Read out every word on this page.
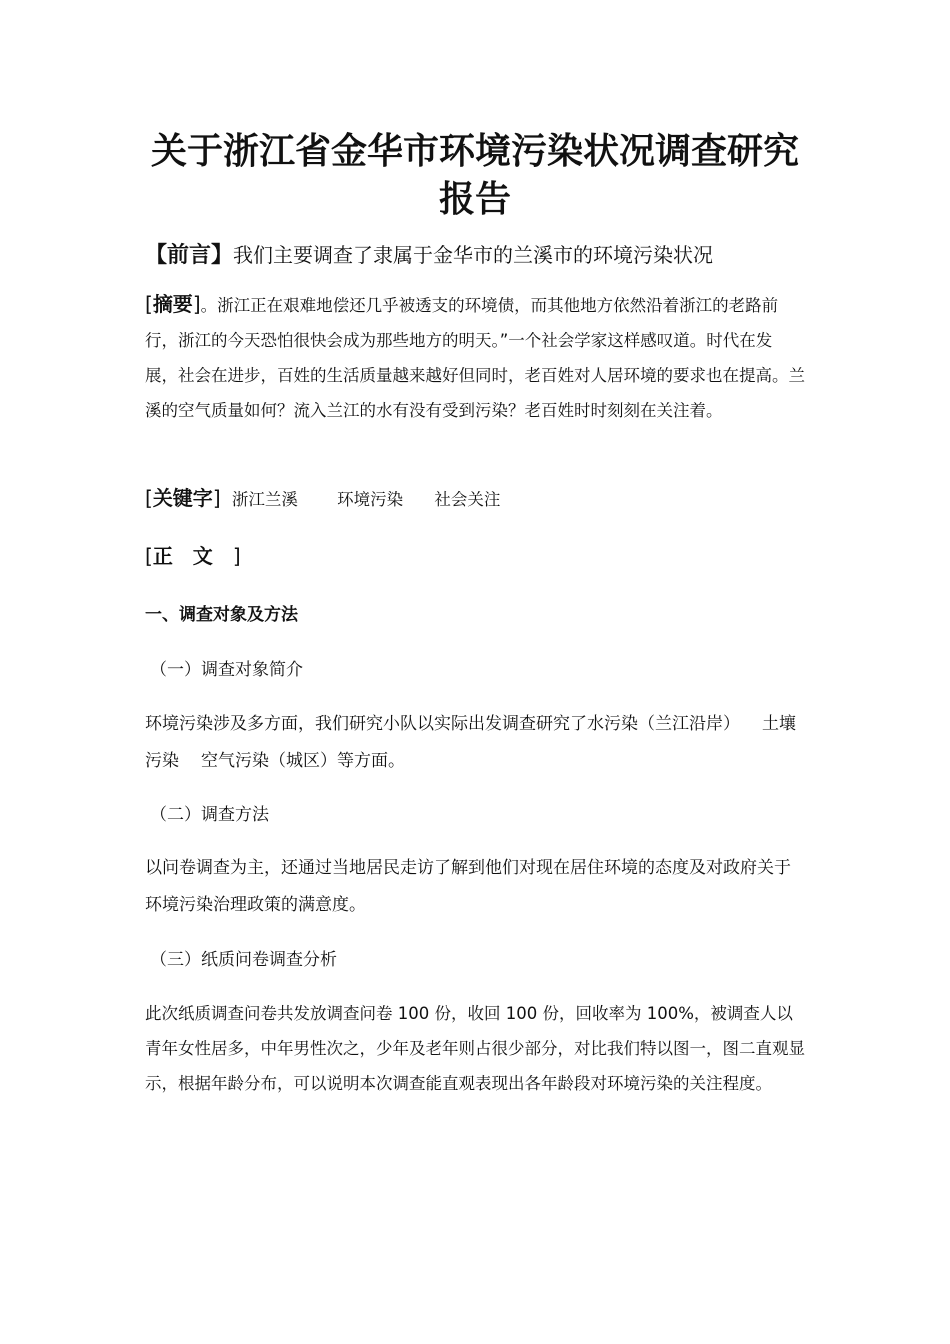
关于浙江省金华市环境污染状况调查研究
报告
【前言】我们主要调查了隶属于金华市的兰溪市的环境污染状况
[摘要]。浙江正在艰难地偿还几乎被透支的环境债，而其他地方依然沿着浙江的老路前行，浙江的今天恐怕很快会成为那些地方的明天。”一个社会学家这样感叹道。时代在发展，社会在进步，百姓的生活质量越来越好但同时，老百姓对人居环境的要求也在提高。兰溪的空气质量如何？流入兰江的水有没有受到污染？老百姓时时刻刻在关注着。
[关键字] 浙江兰溪 环境污染 社会关注
[正文]
一、调查对象及方法
（一）调查对象简介
环境污染涉及多方面，我们研究小队以实际出发调查研究了水污染（兰江沿岸） 土壤污染 空气污染（城区）等方面。
（二）调查方法
以问卷调查为主，还通过当地居民走访了解到他们对现在居住环境的态度及对政府关于环境污染治理政策的满意度。
（三）纸质问卷调查分析
此次纸质调查问卷共发放调查问卷 100 份，收回 100 份，回收率为 100%，被调查人以青年女性居多，中年男性次之，少年及老年则占很少部分，对比我们特以图一，图二直观显示，根据年龄分布，可以说明本次调查能直观表现出各年龄段对环境污染的关注程度。
